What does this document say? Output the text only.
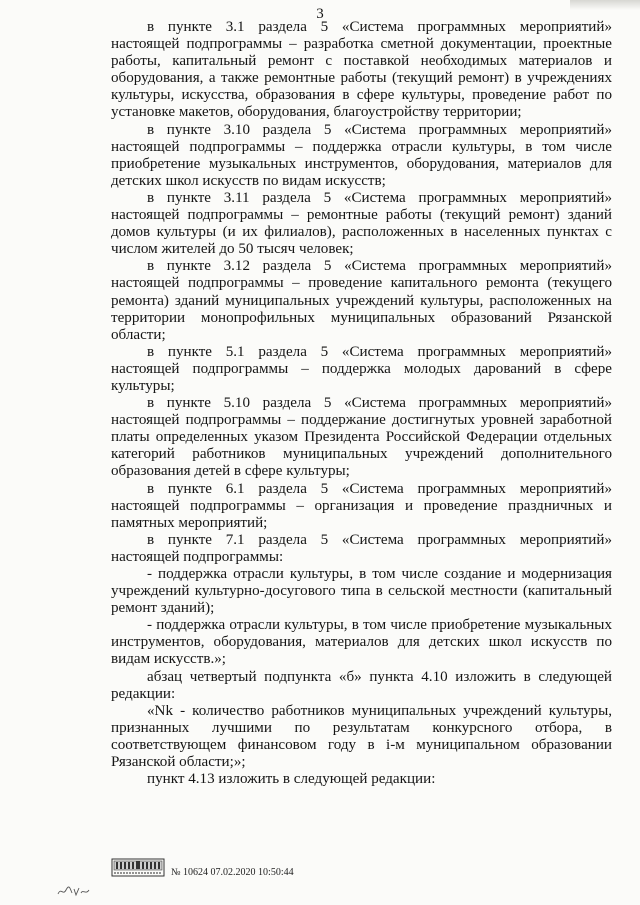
3

в пункте 3.1 раздела 5 «Система программных мероприятий» настоящей подпрограммы – разработка сметной документации, проектные работы, капитальный ремонт с поставкой необходимых материалов и оборудования, а также ремонтные работы (текущий ремонт) в учреждениях культуры, искусства, образования в сфере культуры, проведение работ по установке макетов, оборудования, благоустройству территории;

в пункте 3.10 раздела 5 «Система программных мероприятий» настоящей подпрограммы – поддержка отрасли культуры, в том числе приобретение музыкальных инструментов, оборудования, материалов для детских школ искусств по видам искусств;

в пункте 3.11 раздела 5 «Система программных мероприятий» настоящей подпрограммы – ремонтные работы (текущий ремонт) зданий домов культуры (и их филиалов), расположенных в населенных пунктах с числом жителей до 50 тысяч человек;

в пункте 3.12 раздела 5 «Система программных мероприятий» настоящей подпрограммы – проведение капитального ремонта (текущего ремонта) зданий муниципальных учреждений культуры, расположенных на территории монопрофильных муниципальных образований Рязанской области;

в пункте 5.1 раздела 5 «Система программных мероприятий» настоящей подпрограммы – поддержка молодых дарований в сфере культуры;

в пункте 5.10 раздела 5 «Система программных мероприятий» настоящей подпрограммы – поддержание достигнутых уровней заработной платы определенных указом Президента Российской Федерации отдельных категорий работников муниципальных учреждений дополнительного образования детей в сфере культуры;

в пункте 6.1 раздела 5 «Система программных мероприятий» настоящей подпрограммы – организация и проведение праздничных и памятных мероприятий;

в пункте 7.1 раздела 5 «Система программных мероприятий» настоящей подпрограммы:

- поддержка отрасли культуры, в том числе создание и модернизация учреждений культурно-досугового типа в сельской местности (капитальный ремонт зданий);

- поддержка отрасли культуры, в том числе приобретение музыкальных инструментов, оборудования, материалов для детских школ искусств по видам искусств.»;

абзац четвертый подпункта «б» пункта 4.10 изложить в следующей редакции:

«Nk - количество работников муниципальных учреждений культуры, признанных лучшими по результатам конкурсного отбора, в соответствующем финансовом году в i-м муниципальном образовании Рязанской области;»;

пункт 4.13 изложить в следующей редакции:

№ 10624 07.02.2020 10:50:44
